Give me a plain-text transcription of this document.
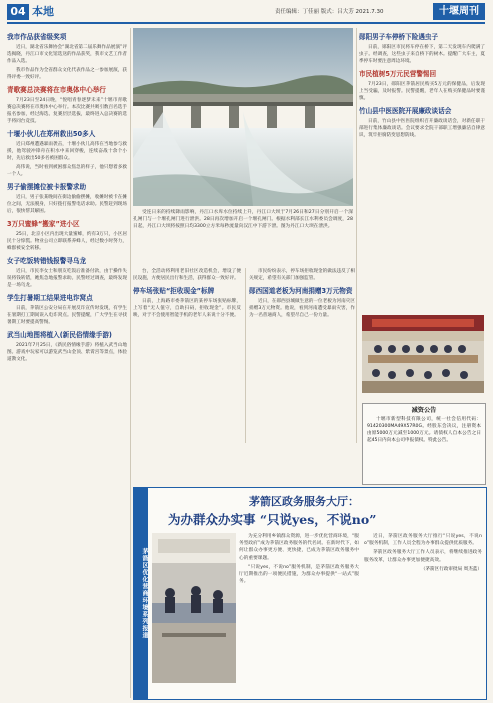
04 本地	责任编辑：丁佳丽 版式：吕大芳 2021.7.30	十堰周刊
我市作品获省级奖项
近日，湖北省乐舞协会“湖北省第二届乐舞作品展演”评选揭晓，丹江口市文化馆选送的作品获奖，我市文艺工作者作品入选。
我市作品作为全省群众文化代表作品之一参加展演，获得评委一致好评。
青歌赛总决赛将在市奥体中心举行
7月23日至24日晚，“悦唱青春逐梦未来”十堰市青歌赛总决赛将在市奥体中心举行。本次比赛共吸引数百名选手报名参加，经过海选、复赛层层选拔，最终进入总决赛的选手将同台竞技。
十堰小伙儿在郑州救出50多人
近日郑州遭遇暴雨袭击，十堰小伙儿高伟在当地参与救援，他驾驶冲锋舟在积水中来回穿梭，连续奋战十余个小时，先后救出50多名被困群众。
高伟说，当时看到被困群众焦急的样子，他只想着多救一个人。
男子偷摆摊位被卡报警求助
近日，男子张某晚间在街边偷偷摆摊，收摊时被卡在摊位之间，无法脱身，只好拨打报警电话求助。民警赶到现场后，很快帮其解困。
3万只蜜蜂“搬家”进小区
25日，北京小区内出现大量蜜蜂，约有3万只，小区居民十分惊慌。物业公司立即联系养蜂人，经过数小时努力，蜂群被安全转移。
女子吃饭转错钱报警寻乌龙
近日，市民李女士和朋友吃饭后准备付款，由于操作失误将钱转错，她焦急地报警求助。民警经过调查，最终发现是一场乌龙。
学生打暑期工结果进电诈窝点
日前，茅箭区公安分局在开展反诈宣传时发现，有学生在暑期打工期间误入电诈窝点。民警提醒，广大学生在寻找暑期工时要提高警惕。
武当山地图将植入(新民俗情缘手游)
2021年7月25日，《新民俗情缘手游》将植入武当山地图。游戏中玩家可以游览武当山金顶、紫霄宫等景点，体验道教文化。
受连日来的持续降雨影响，丹江口水库水位持续上升，丹江口大坝于7月26日和27日分别开启一个深孔闸门与一个堰孔闸门进行泄洪。28日再次增加开启一个堰孔闸门。根据水利部长江水利委员会调度，28日起，丹江口大坝将按照日均3300立方米每秒流量向汉江中下游下泄。图为丹江口大坝在泄洪。
台，全活动将利用老旧社区改造机会，增设了便民设施，方便居民出行和生活，获得群众一致好评。
停车场张贴“拒收现金”标牌
日前，上海路市委茅箭区的某停车场张贴标牌，上写着“无人值守，自助扫码，拒收现金”。市民反映，对于不会使用智能手机的老年人来说十分不便。
市民纷纷表示，停车场拒收现金的做法违反了相关规定，希望有关部门加强监管。
郧西国道老板为河南捐赠3万元物资
近日，在郧西县城做生意的一位老板为河南灾区捐赠3万元物资。他说，看到河南遭受暴雨灾害，作为一名普通商人，希望尽自己一份力量。
郧阳男子车停桥下险遇虫子
日前，郧阳区市民将车停在桥下，第二天发现车内爬满了虫子。经调查，这些虫子来自桥下的树木。提醒广大车主，夏季停车时要注意周边环境。
市民植树5万元民营警惕回
7月23日，郧阳区茅箭居民购买5万元的保健品，后发现上当受骗，及时报警。民警提醒，老年人在购买保健品时要谨慎。
竹山县中医医院开展廉政谈话会
日前，竹山县中医医院组织召开廉政谈话会，对新任职干部进行集体廉政谈话。会议要求全院干部职工增强廉洁自律意识，筑牢拒腐防变思想防线。
减资公告
十堰市新型科技有限公司，统一社会信用代码：91420300MA49X57R0G。经股东会决议，注册资本由原5000万元减至1000万元。请债权人自本公告之日起45日内向本公司申报债权。特此公告。
茅箭区优化营商环境系列报道
茅箭区政务服务大厅：
为办群众办实事 “只说yes，不说no”
为充分利用乡镇群众资源，进一步优化营商环境，“服务型政府”成为茅箭区政务服务的代名词。在新时代下，如何让群众办事更方便、更快捷，已成为茅箭区政务服务中心的重要课题。
“只说yes，不说no”服务机制，是茅箭区政务服务大厅近期推出的一项便民措施，为群众办事提供“一站式”服务。
近日，茅箭区政务服务大厅推行“只说yes，不说no”服务机制，工作人员全程为办事群众提供优质服务。
茅箭区政务服务大厅工作人员表示，将继续推进政务服务改革，让群众办事更加便捷高效。
（茅箭区行政审批局 周杰蓝）
